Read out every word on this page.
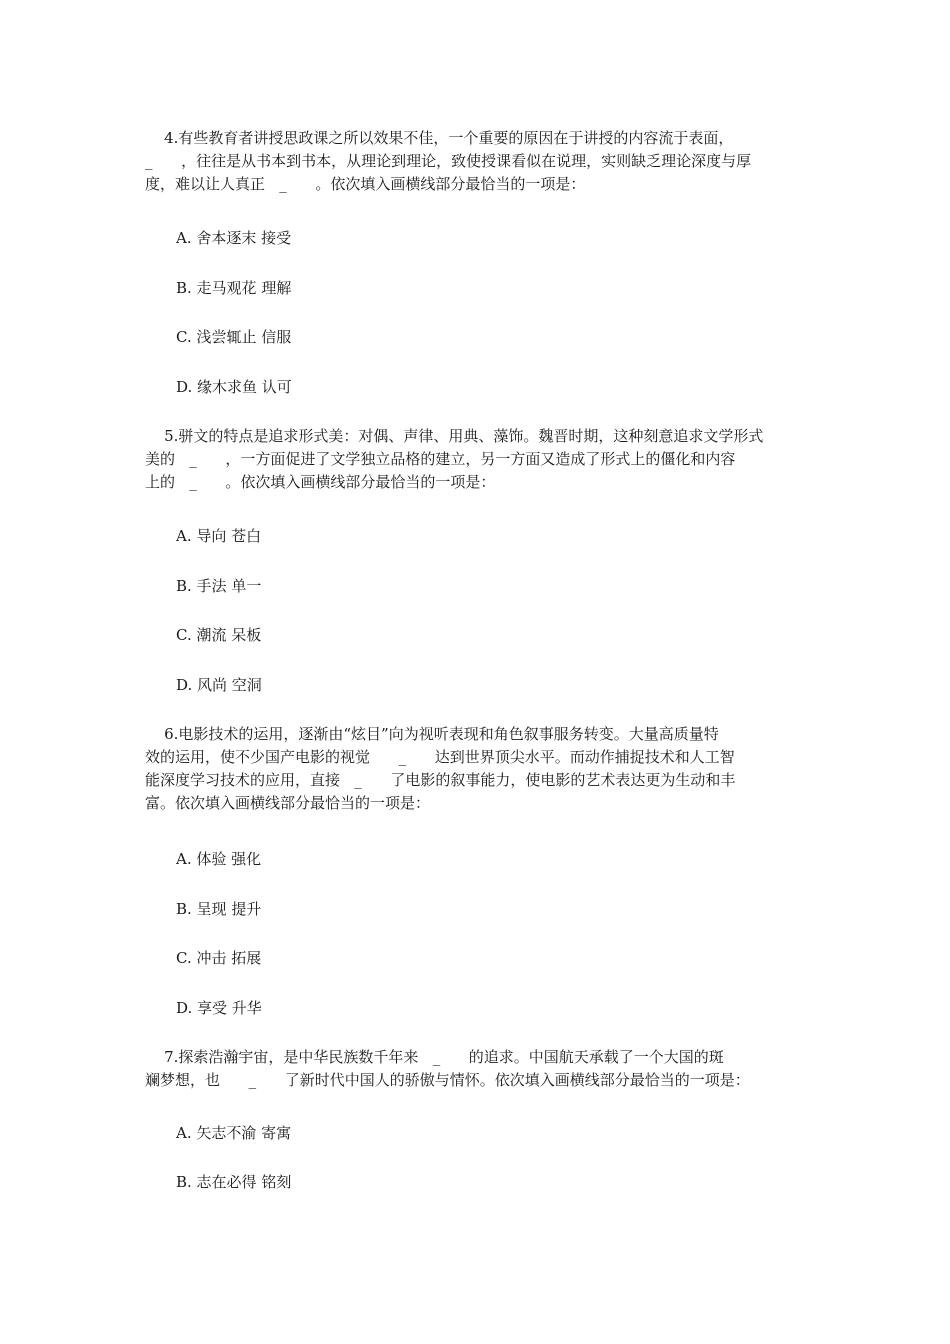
4.有些教育者讲授思政课之所以效果不佳，一个重要的原因在于讲授的内容流于表面，
_      ，往往是从书本到书本，从理论到理论，致使授课看似在说理，实则缺乏理论深度与厚
度，难以让人真正   _      。依次填入画横线部分最恰当的一项是：
A. 舍本逐末 接受
B. 走马观花 理解
C. 浅尝辄止 信服
D. 缘木求鱼 认可
5.骈文的特点是追求形式美：对偶、声律、用典、藻饰。魏晋时期，这种刻意追求文学形式
美的   _      ，一方面促进了文学独立品格的建立，另一方面又造成了形式上的僵化和内容
上的   _      。依次填入画横线部分最恰当的一项是：
A. 导向 苍白
B. 手法 单一
C. 潮流 呆板
D. 风尚 空洞
6.电影技术的运用，逐渐由“炫目”向为视听表现和角色叙事服务转变。大量高质量特
效的运用，使不少国产电影的视觉      _      达到世界顶尖水平。而动作捕捉技术和人工智
能深度学习技术的应用，直接   _      了电影的叙事能力，使电影的艺术表达更为生动和丰
富。依次填入画横线部分最恰当的一项是：
A. 体验 强化
B. 呈现 提升
C. 冲击 拓展
D. 享受 升华
7.探索浩瀚宇宙，是中华民族数千年来   _      的追求。中国航天承载了一个大国的斑
斓梦想，也      _      了新时代中国人的骄傲与情怀。依次填入画横线部分最恰当的一项是：
A. 矢志不渝 寄寓
B. 志在必得 铭刻
